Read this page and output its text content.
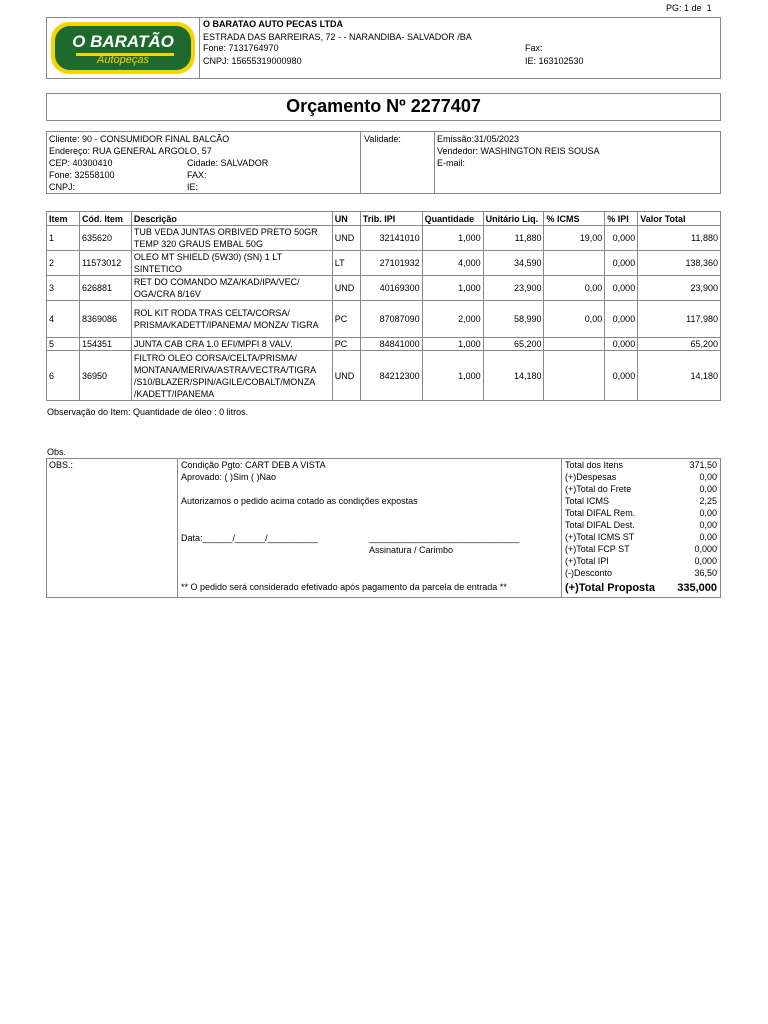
PG: 1 de 1
O BARATÃO
Autopeças
O BARATAO AUTO PECAS LTDA
ESTRADA DAS BARREIRAS, 72 - - NARANDIBA- SALVADOR /BA
Fone: 7131764970
CNPJ: 15655319000980
Fax:
IE: 163102530
Orçamento Nº 2277407
Cliente: 90 - CONSUMIDOR FINAL BALCÃO
Endereço: RUA GENERAL ARGOLO, 57
CEP: 40300410	Cidade: SALVADOR
Fone: 32558100	FAX:
CNPJ:	IE:
Validade:	Emissão:31/05/2023
Vendedor: WASHINGTON REIS SOUSA
E-mail:
Item	Cód. Item	Descrição	UN	Trib. IPI	Quantidade	Unitário Liq.	% ICMS	% IPI	Valor Total
1	635620	TUB VEDA JUNTAS ORBIVED PRETO 50GR TEMP 320 GRAUS EMBAL 50G	UND	32141010	1,000	11,880	19,00	0,000	11,880
2	11573012	OLEO MT SHIELD (5W30) (SN) 1 LT SINTETICO	LT	27101932	4,000	34,590		0,000	138,360
3	626881	RET DO COMANDO MZA/KAD/IPA/VEC/ OGA/CRA 8/16V	UND	40169300	1,000	23,900	0,00	0,000	23,900
4	8369086	ROL KIT RODA TRAS CELTA/CORSA/ PRISMA/KADETT/IPANEMA/ MONZA/ TIGRA	PC	87087090	2,000	58,990	0,00	0,000	117,980
5	154351	JUNTA CAB CRA 1.0 EFI/MPFI 8 VALV.	PC	84841000	1,000	65,200		0,000	65,200
6	36950	FILTRO OLEO CORSA/CELTA/PRISMA/ MONTANA/MERIVA/ASTRA/VECTRA/TIGRA /S10/BLAZER/SPIN/AGILE/COBALT/MONZA /KADETT/IPANEMA	UND	84212300	1,000	14,180		0,000	14,180
Observação do Item: Quantidade de óleo : 0 litros.
Obs.
OBS.:	Condição Pgto: CART DEB A VISTA
Aprovado: ( )Sim ( )Nao
Autorizamos o pedido acima cotado as condições expostas
Data:______/______/__________	______________________________
Assinatura / Carimbo
** O pedido será considerado efetivado após pagamento da parcela de entrada **
Total dos Itens	371,50
(+)Despesas	0,00
(+)Total do Frete	0,00
Total ICMS	2,25
Total DIFAL Rem.	0,00
Total DIFAL Dest.	0,00
(+)Total ICMS ST	0,00
(+)Total FCP ST	0,000
(+)Total IPI	0,000
(-)Desconto	36,50
(+)Total Proposta	335,000
